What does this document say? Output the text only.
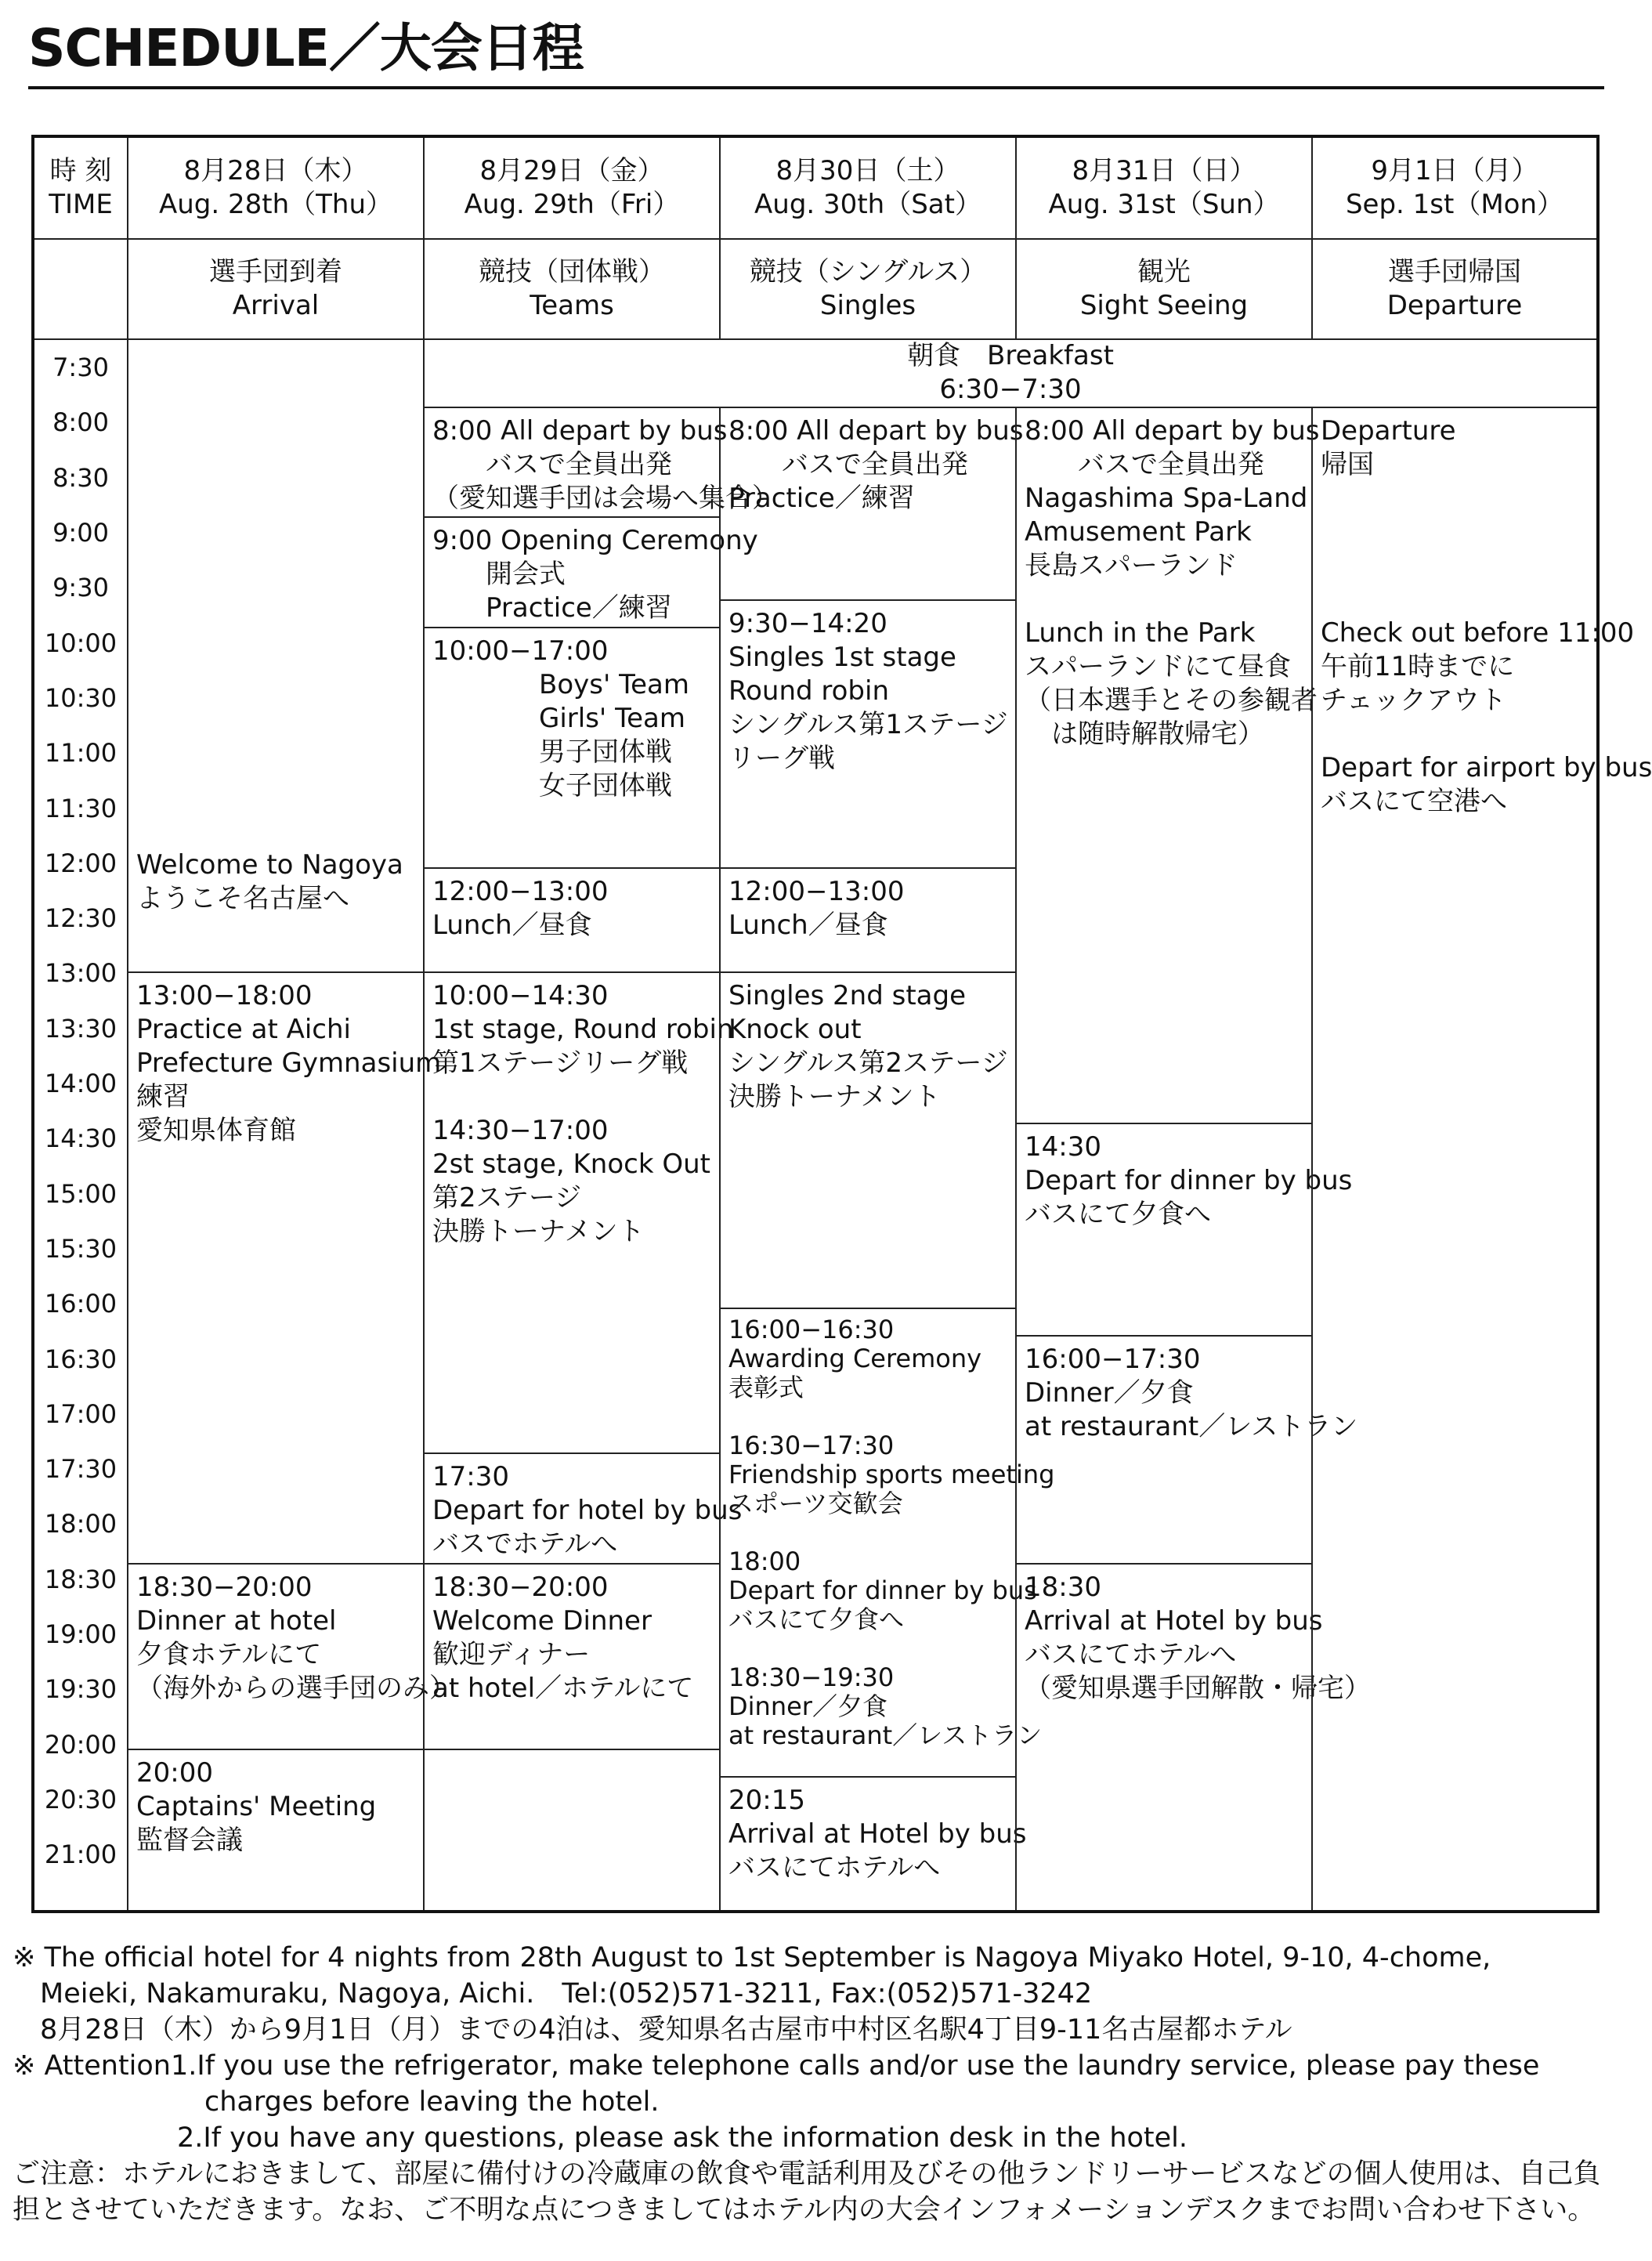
SCHEDULE／大会日程
時 刻
TIME
8月28日（木）
Aug. 28th（Thu）
選手団到着
Arrival
8月29日（金）
Aug. 29th（Fri）
競技（団体戦）
Teams
8月30日（土）
Aug. 30th（Sat）
競技（シングルス）
Singles
8月31日（日）
Aug. 31st（Sun）
観光
Sight Seeing
9月1日（月）
Sep. 1st（Mon）
選手団帰国
Departure
7:30
8:00
8:30
9:00
9:30
10:00
10:30
11:00
11:30
12:00
12:30
13:00
13:30
14:00
14:30
15:00
15:30
16:00
16:30
17:00
17:30
18:00
18:30
19:00
19:30
20:00
20:30
21:00
朝食　Breakfast
6:30−7:30
Welcome to Nagoya
ようこそ名古屋へ
13:00−18:00
Practice at Aichi
Prefecture Gymnasium
練習
愛知県体育館
18:30−20:00
Dinner at hotel
夕食ホテルにて
（海外からの選手団のみ）
20:00
Captains' Meeting
監督会議
8:00 All depart by bus
　　バスで全員出発
（愛知選手団は会場へ集合）
9:00 Opening Ceremony
　　開会式
　　Practice／練習
10:00−17:00
　　　　Boys' Team
　　　　Girls' Team
　　　　男子団体戦
　　　　女子団体戦
12:00−13:00
Lunch／昼食
10:00−14:30
1st stage, Round robin
第1ステージリーグ戦

14:30−17:00
2st stage, Knock Out
第2ステージ
決勝トーナメント
17:30
Depart for hotel by bus
バスでホテルへ
18:30−20:00
Welcome Dinner
歓迎ディナー
at hotel／ホテルにて
8:00 All depart by bus
　　バスで全員出発
Practice／練習
9:30−14:20
Singles 1st stage
Round robin
シングルス第1ステージ
リーグ戦
12:00−13:00
Lunch／昼食
Singles 2nd stage
Knock out
シングルス第2ステージ
決勝トーナメント
16:00−16:30
Awarding Ceremony
表彰式

16:30−17:30
Friendship sports meeting
スポーツ交歓会

18:00
Depart for dinner by bus
バスにて夕食へ

18:30−19:30
Dinner／夕食
at restaurant／レストラン
20:15
Arrival at Hotel by bus
バスにてホテルへ
8:00 All depart by bus
　　バスで全員出発
Nagashima Spa-Land
Amusement Park
長島スパーランド

Lunch in the Park
スパーランドにて昼食
（日本選手とその参観者
　は随時解散帰宅）
14:30
Depart for dinner by bus
バスにて夕食へ
16:00−17:30
Dinner／夕食
at restaurant／レストラン
18:30
Arrival at Hotel by bus
バスにてホテルへ
（愛知県選手団解散・帰宅）
Departure
帰国

Check out before 11:00
午前11時までに
チェックアウト

Depart for airport by bus
バスにて空港へ
※ The official hotel for 4 nights from 28th August to 1st September is Nagoya Miyako Hotel, 9-10, 4-chome,
　Meieki, Nakamuraku, Nagoya, Aichi.　Tel:(052)571-3211, Fax:(052)571-3242
　8月28日（木）から9月1日（月）までの4泊は、愛知県名古屋市中村区名駅4丁目9-11名古屋都ホテル
※ Attention1.If you use the refrigerator, make telephone calls and/or use the laundry service, please pay these
　　　　　　　charges before leaving the hotel.
　　　　　　2.If you have any questions, please ask the information desk in the hotel.
ご注意：ホテルにおきまして、部屋に備付けの冷蔵庫の飲食や電話利用及びその他ランドリーサービスなどの個人使用は、自己負
担とさせていただきます。なお、ご不明な点につきましてはホテル内の大会インフォメーションデスクまでお問い合わせ下さい。
